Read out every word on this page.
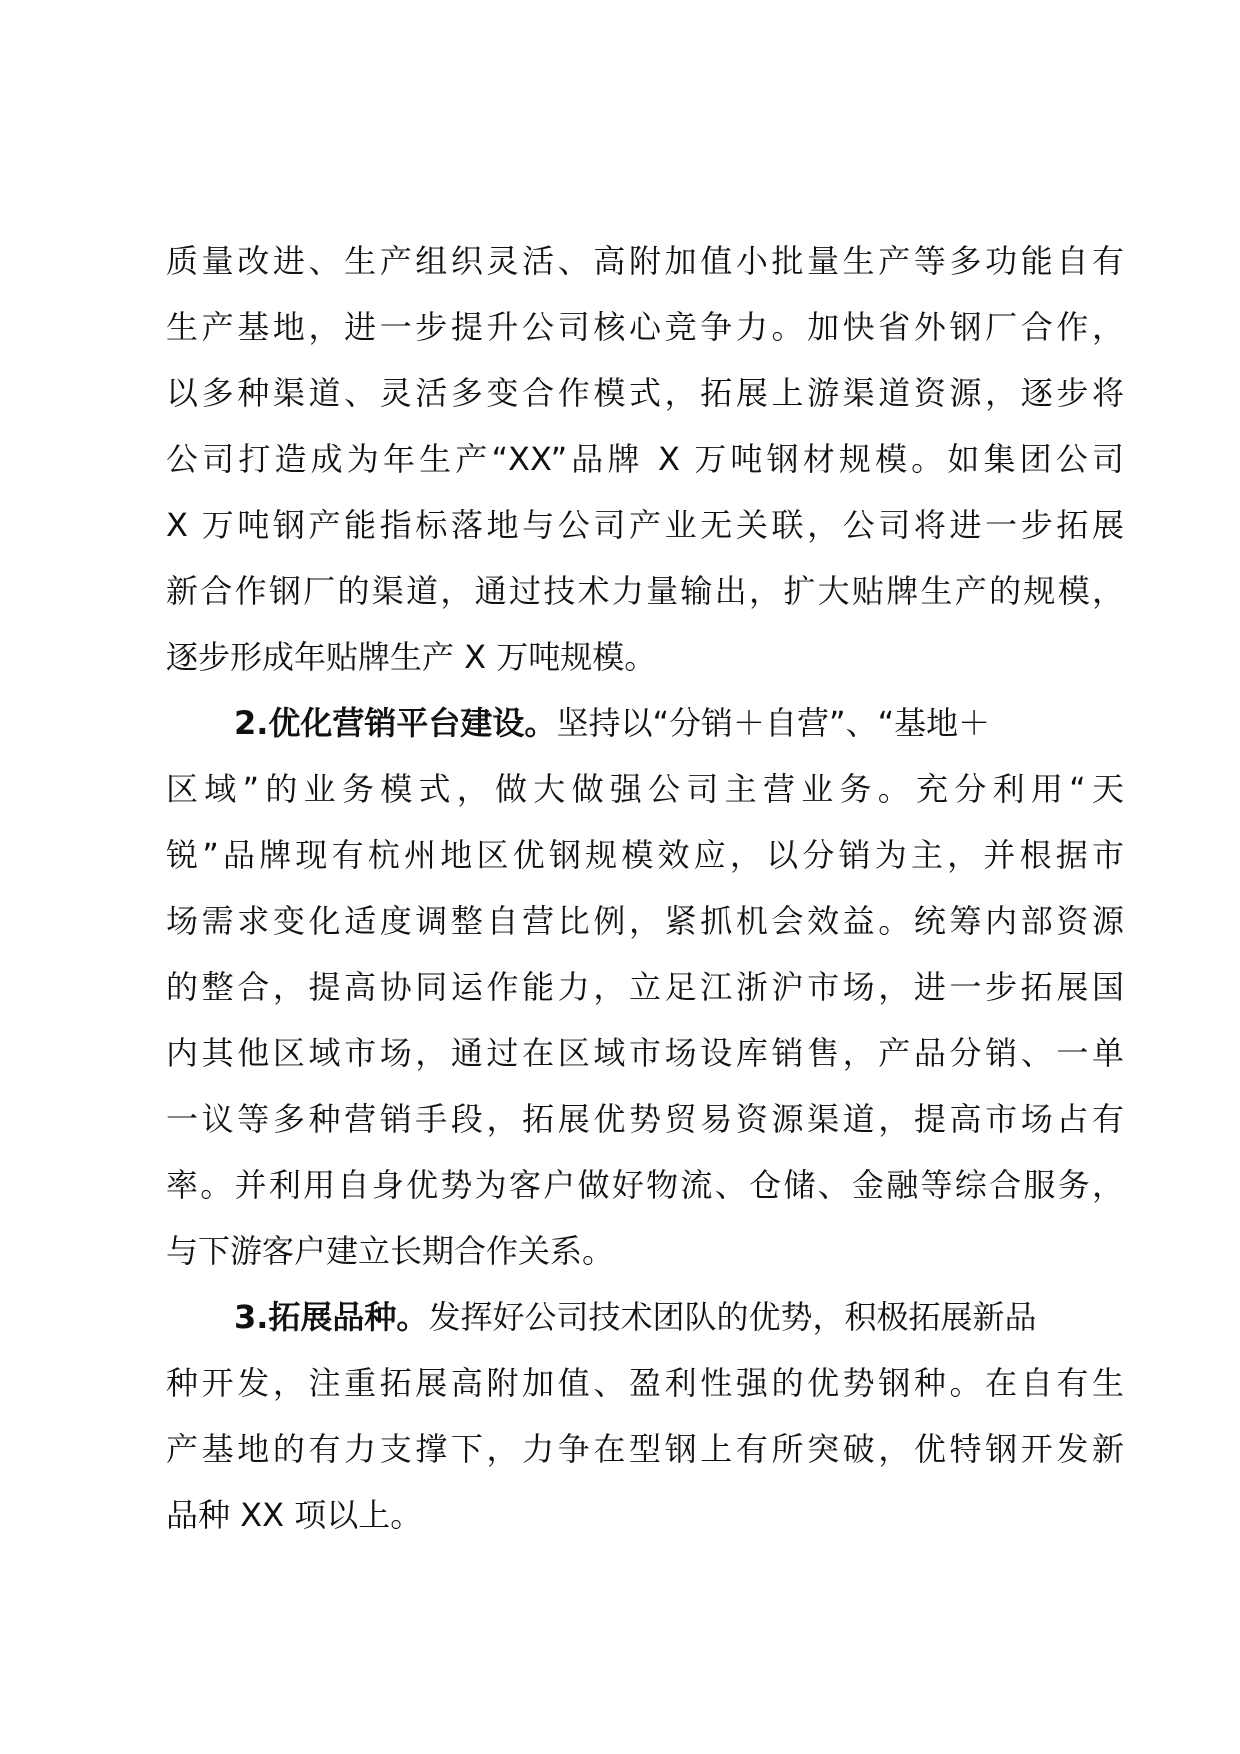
质量改进、生产组织灵活、高附加值小批量生产等多功能自有
生产基地，进一步提升公司核心竞争力。加快省外钢厂合作，
以多种渠道、灵活多变合作模式，拓展上游渠道资源，逐步将
公司打造成为年生产“XX”品牌 X 万吨钢材规模。如集团公司
X 万吨钢产能指标落地与公司产业无关联，公司将进一步拓展
新合作钢厂的渠道，通过技术力量输出，扩大贴牌生产的规模，
逐步形成年贴牌生产 X 万吨规模。
2.优化营销平台建设。坚持以“分销＋自营”、“基地＋
区域”的业务模式，做大做强公司主营业务。充分利用“天
锐”品牌现有杭州地区优钢规模效应，以分销为主，并根据市
场需求变化适度调整自营比例，紧抓机会效益。统筹内部资源
的整合，提高协同运作能力，立足江浙沪市场，进一步拓展国
内其他区域市场，通过在区域市场设库销售，产品分销、一单
一议等多种营销手段，拓展优势贸易资源渠道，提高市场占有
率。并利用自身优势为客户做好物流、仓储、金融等综合服务，
与下游客户建立长期合作关系。
3.拓展品种。发挥好公司技术团队的优势，积极拓展新品
种开发，注重拓展高附加值、盈利性强的优势钢种。在自有生
产基地的有力支撑下，力争在型钢上有所突破，优特钢开发新
品种 XX 项以上。
